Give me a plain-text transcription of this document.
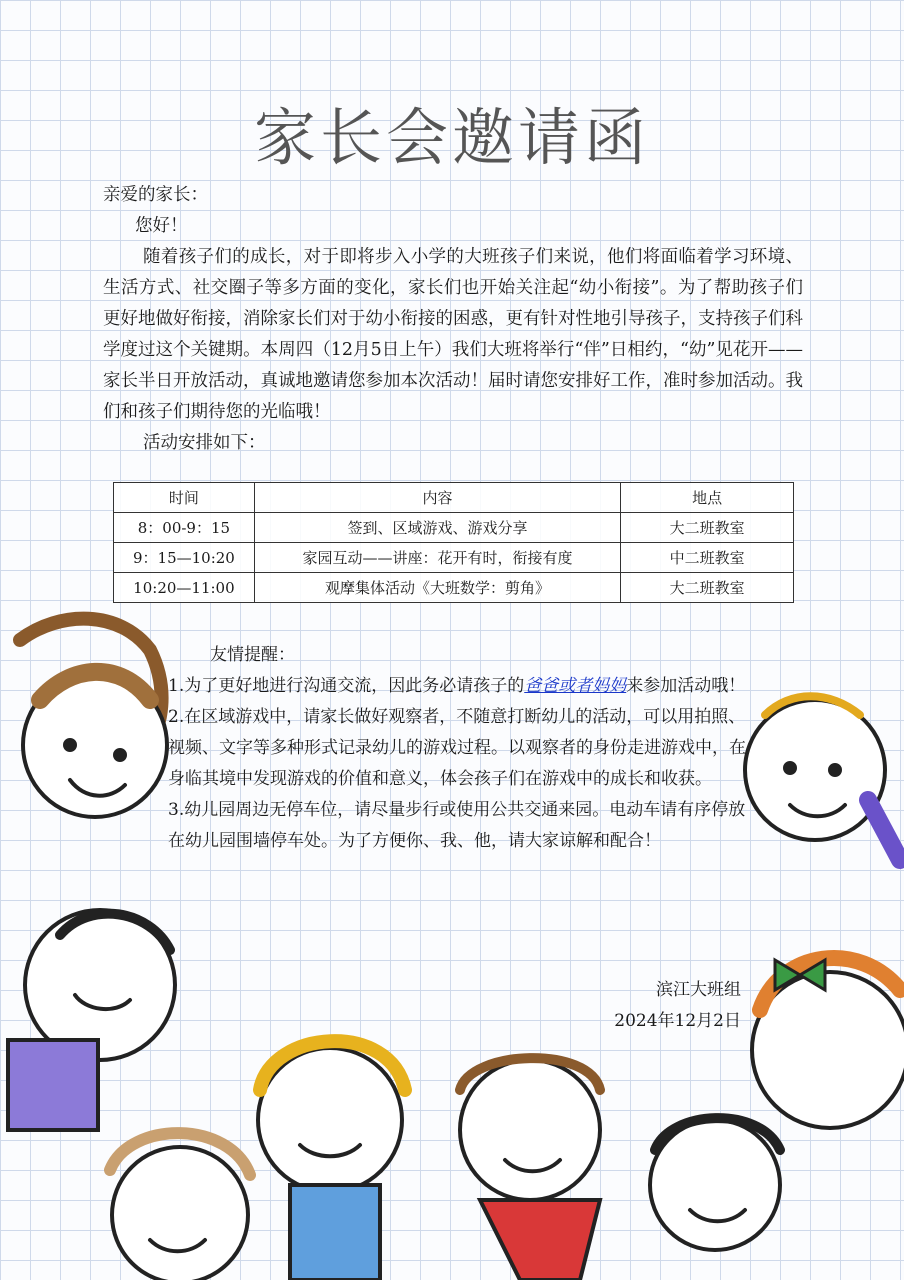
家长会邀请函

亲爱的家长：

您好！

随着孩子们的成长，对于即将步入小学的大班孩子们来说，他们将面临着学习环境、生活方式、社交圈子等多方面的变化，家长们也开始关注起“幼小衔接”。为了帮助孩子们更好地做好衔接，消除家长们对于幼小衔接的困惑，更有针对性地引导孩子，支持孩子们科学度过这个关键期。本周四（12月5日上午）我们大班将举行“伴”日相约，“幼”见花开——家长半日开放活动，真诚地邀请您参加本次活动！届时请您安排好工作，准时参加活动。我们和孩子们期待您的光临哦！

活动安排如下：

时间	内容	地点
8：00-9：15	签到、区域游戏、游戏分享	大二班教室
9：15—10:20	家园互动——讲座：花开有时，衔接有度	中二班教室
10:20—11:00	观摩集体活动《大班数学：剪角》	大二班教室

友情提醒：

1.为了更好地进行沟通交流，因此务必请孩子的爸爸或者妈妈来参加活动哦！

2.在区域游戏中，请家长做好观察者，不随意打断幼儿的活动，可以用拍照、视频、文字等多种形式记录幼儿的游戏过程。以观察者的身份走进游戏中，在身临其境中发现游戏的价值和意义，体会孩子们在游戏中的成长和收获。

3.幼儿园周边无停车位，请尽量步行或使用公共交通来园。电动车请有序停放在幼儿园围墙停车处。为了方便你、我、他，请大家谅解和配合！

滨江大班组
2024年12月2日
